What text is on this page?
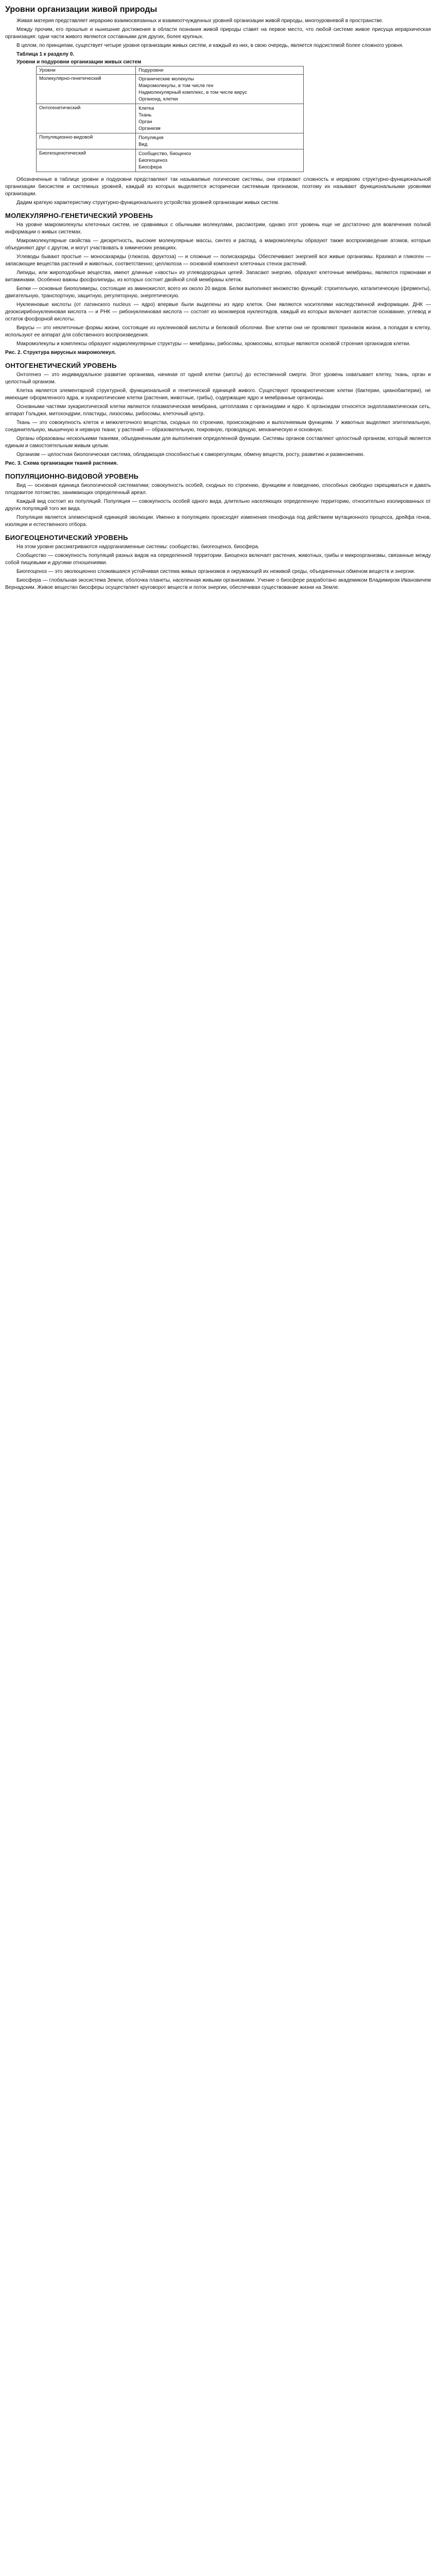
Уровни организации живой природы

Живая материя представляет иерархию взаимосвязанных и взаимоотчужденных уровней организации живой природы, многоуровневой в пространстве.

Между прочим, его прошлые и нынешние достижения в области познания живой природы ставят на первое место, что любой системе живое присуща иерархическая организация: одни части живого являются составными для других, более крупных.

В целом, по принципам, существует четыре уровня организации живых систем, и каждый из них, в свою очередь, является подсистемой более сложного уровня.

Таблица 1 к разделу 0.
Уровни и подуровни организации живых систем
Уровни	Подуровни
Молекулярно-генетический	Органические молекулы
Макромолекулы, в том числе ген
Надмолекулярный комплекс, в том числе вирус
Органоид, клетки

Онтогенетический	Клетка
Ткань
Орган
Организм

Популяционно-видовой	Популяция
Вид

Биогеоценотический	Сообщество, биоценоз
Биогеоценоз
Биосфера

Обозначенные в таблице уровни и подуровни представляют так называемые логические системы, они отражают сложность и иерархию структурно-функциональной организации биосистем и системных уровней, каждый из которых выделяется исторически системным признаком, поэтому их называют функциональными уровнями организации.

Дадим краткую характеристику структурно-функционального устройства уровней организации живых систем.

МОЛЕКУЛЯРНО-ГЕНЕТИЧЕСКИЙ УРОВЕНЬ

На уровне макромолекулы клеточных систем, не сравнимых с обычными молекулами, рассмотрим, однако этот уровень еще не достаточно для вовлечения полной информации о живых системах.

Макромолекулярные свойства — дискретность, высокие молекулярные массы, синтез и распад, а макромолекулы образуют также воспроизведение атомов, которые объединяют друг с другом, и могут участвовать в химических реакциях.

Углеводы бывают простые — моносахариды (глюкоза, фруктоза) — и сложные — полисахариды. Обеспечивают энергией все живые организмы. Крахмал и гликоген — запасающие вещества растений и животных, соответственно; целлюлоза — основной компонент клеточных стенок растений.

Липиды, или жироподобные вещества, имеют длинные «хвосты» из углеводородных цепей. Запасают энергию, образуют клеточные мембраны, являются гормонами и витаминами. Особенно важны фосфолипиды, из которых состоит двойной слой мембраны клеток.

Белки — основные биополимеры, состоящие из аминокислот, всего их около 20 видов. Белки выполняют множество функций: строительную, каталитическую (ферменты), двигательную, транспортную, защитную, регуляторную, энергетическую.

Нуклеиновые кислоты (от латинского nucleus — ядро) впервые были выделены из ядер клеток. Они являются носителями наследственной информации. ДНК — дезоксирибонуклеиновая кислота — и РНК — рибонуклеиновая кислота — состоят из мономеров нуклеотидов, каждый из которых включает азотистое основание, углевод и остаток фосфорной кислоты.

Вирусы — это неклеточные формы жизни, состоящие из нуклеиновой кислоты и белковой оболочки. Вне клетки они не проявляют признаков жизни, а попадая в клетку, используют ее аппарат для собственного воспроизведения.

Макромолекулы и комплексы образуют надмолекулярные структуры — мембраны, рибосомы, хромосомы, которые являются основой строения органоидов клетки.

Рис. 2. Структура вирусных макромолекул.

ОНТОГЕНЕТИЧЕСКИЙ УРОВЕНЬ

Онтогенез — это индивидуальное развитие организма, начиная от одной клетки (зиготы) до естественной смерти. Этот уровень охватывает клетку, ткань, орган и целостный организм.

Клетка является элементарной структурной, функциональной и генетической единицей живого. Существуют прокариотические клетки (бактерии, цианобактерии), не имеющие оформленного ядра, и эукариотические клетки (растения, животные, грибы), содержащие ядро и мембранные органоиды.

Основными частями эукариотической клетки являются плазматическая мембрана, цитоплазма с органоидами и ядро. К органоидам относятся эндоплазматическая сеть, аппарат Гольджи, митохондрии, пластиды, лизосомы, рибосомы, клеточный центр.

Ткань — это совокупность клеток и межклеточного вещества, сходных по строению, происхождению и выполняемым функциям. У животных выделяют эпителиальную, соединительную, мышечную и нервную ткани; у растений — образовательную, покровную, проводящую, механическую и основную.

Органы образованы несколькими тканями, объединенными для выполнения определенной функции. Системы органов составляют целостный организм, который является единым и самостоятельным живым целым.

Организм — целостная биологическая система, обладающая способностью к саморегуляции, обмену веществ, росту, развитию и размножению.

Рис. 3. Схема организации тканей растения.

ПОПУЛЯЦИОННО-ВИДОВОЙ УРОВЕНЬ

Вид — основная единица биологической систематики; совокупность особей, сходных по строению, функциям и поведению, способных свободно скрещиваться и давать плодовитое потомство, занимающих определенный ареал.

Каждый вид состоит из популяций. Популяция — совокупность особей одного вида, длительно населяющих определенную территорию, относительно изолированных от других популяций того же вида.

Популяция является элементарной единицей эволюции. Именно в популяциях происходят изменения генофонда под действием мутационного процесса, дрейфа генов, изоляции и естественного отбора.

БИОГЕОЦЕНОТИЧЕСКИЙ УРОВЕНЬ

На этом уровне рассматриваются надорганизменные системы: сообщество, биогеоценоз, биосфера.

Сообщество — совокупность популяций разных видов на определенной территории. Биоценоз включает растения, животных, грибы и микроорганизмы, связанные между собой пищевыми и другими отношениями.

Биогеоценоз — это эволюционно сложившаяся устойчивая система живых организмов и окружающей их неживой среды, объединенных обменом веществ и энергии.

Биосфера — глобальная экосистема Земли, оболочка планеты, населенная живыми организмами. Учение о биосфере разработано академиком Владимиром Ивановичем Вернадским. Живое вещество биосферы осуществляет круговорот веществ и поток энергии, обеспечивая существование жизни на Земле.
